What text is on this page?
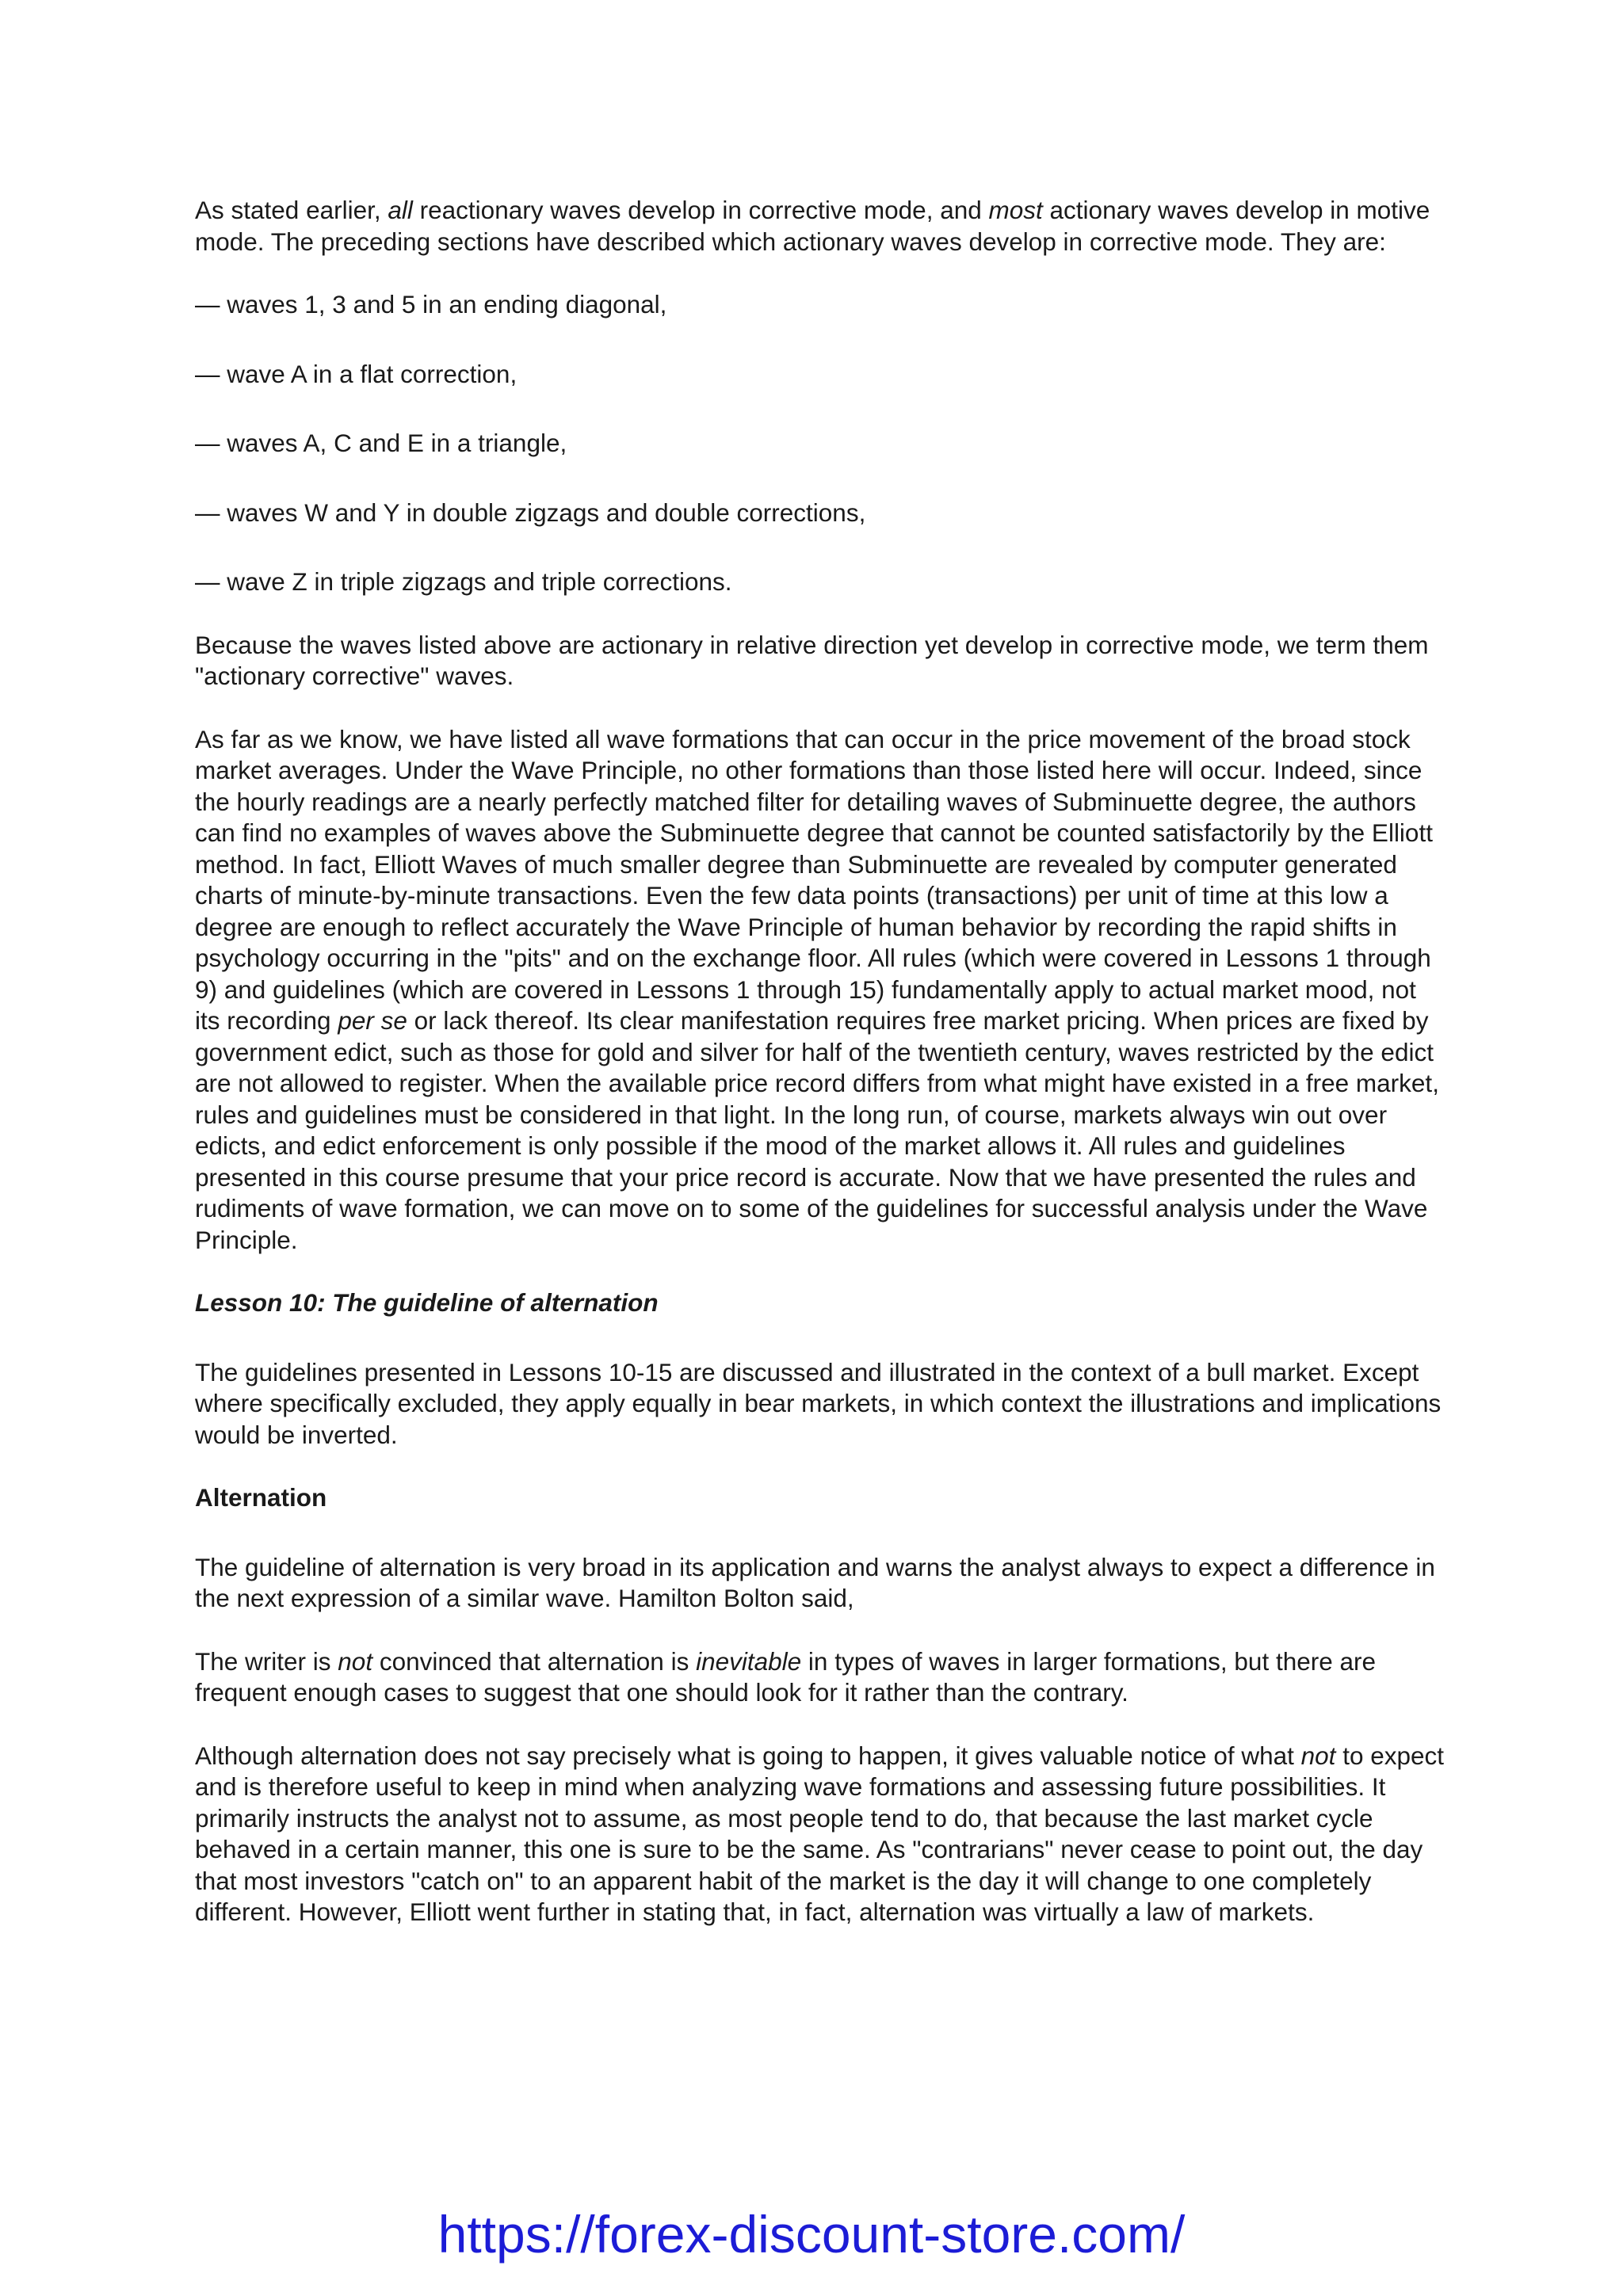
As stated earlier, all reactionary waves develop in corrective mode, and most actionary waves develop in motive mode. The preceding sections have described which actionary waves develop in corrective mode. They are:

— waves 1, 3 and 5 in an ending diagonal,

— wave A in a flat correction,

— waves A, C and E in a triangle,

— waves W and Y in double zigzags and double corrections,

— wave Z in triple zigzags and triple corrections.

Because the waves listed above are actionary in relative direction yet develop in corrective mode, we term them "actionary corrective" waves.

As far as we know, we have listed all wave formations that can occur in the price movement of the broad stock market averages. Under the Wave Principle, no other formations than those listed here will occur. Indeed, since the hourly readings are a nearly perfectly matched filter for detailing waves of Subminuette degree, the authors can find no examples of waves above the Subminuette degree that cannot be counted satisfactorily by the Elliott method. In fact, Elliott Waves of much smaller degree than Subminuette are revealed by computer generated charts of minute-by-minute transactions. Even the few data points (transactions) per unit of time at this low a degree are enough to reflect accurately the Wave Principle of human behavior by recording the rapid shifts in psychology occurring in the "pits" and on the exchange floor. All rules (which were covered in Lessons 1 through 9) and guidelines (which are covered in Lessons 1 through 15) fundamentally apply to actual market mood, not its recording per se or lack thereof. Its clear manifestation requires free market pricing. When prices are fixed by government edict, such as those for gold and silver for half of the twentieth century, waves restricted by the edict are not allowed to register. When the available price record differs from what might have existed in a free market, rules and guidelines must be considered in that light. In the long run, of course, markets always win out over edicts, and edict enforcement is only possible if the mood of the market allows it. All rules and guidelines presented in this course presume that your price record is accurate. Now that we have presented the rules and rudiments of wave formation, we can move on to some of the guidelines for successful analysis under the Wave Principle.

Lesson 10: The guideline of alternation

The guidelines presented in Lessons 10-15 are discussed and illustrated in the context of a bull market. Except where specifically excluded, they apply equally in bear markets, in which context the illustrations and implications would be inverted.

Alternation

The guideline of alternation is very broad in its application and warns the analyst always to expect a difference in the next expression of a similar wave. Hamilton Bolton said,

The writer is not convinced that alternation is inevitable in types of waves in larger formations, but there are frequent enough cases to suggest that one should look for it rather than the contrary.

Although alternation does not say precisely what is going to happen, it gives valuable notice of what not to expect and is therefore useful to keep in mind when analyzing wave formations and assessing future possibilities. It primarily instructs the analyst not to assume, as most people tend to do, that because the last market cycle behaved in a certain manner, this one is sure to be the same. As "contrarians" never cease to point out, the day that most investors "catch on" to an apparent habit of the market is the day it will change to one completely different. However, Elliott went further in stating that, in fact, alternation was virtually a law of markets.

https://forex-discount-store.com/
